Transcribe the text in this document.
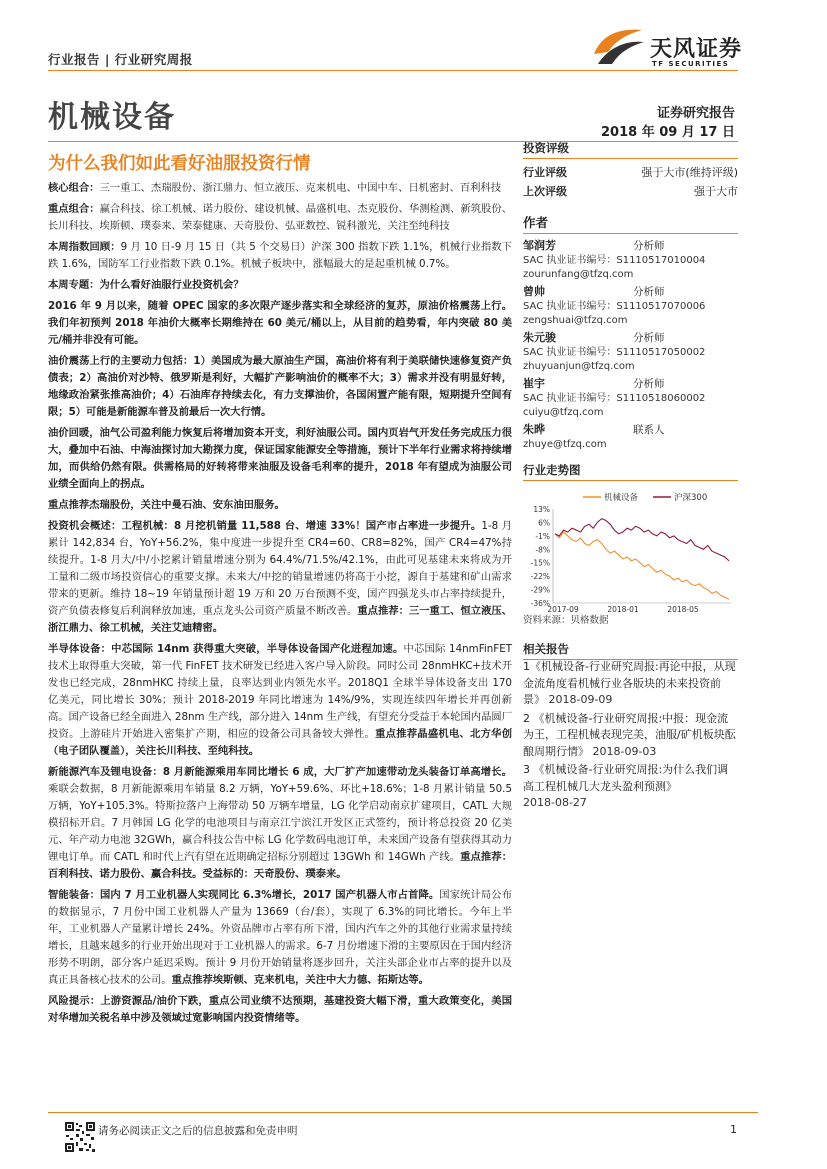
行业报告 | 行业研究周报	天风证券
TF SECURITIES
机械设备	证券研究报告
2018 年 09 月 17 日
为什么我们如此看好油服投资行情

核心组合：三一重工、杰瑞股份、浙江鼎力、恒立液压、克来机电、中国中车、日机密封、百利科技

重点组合：赢合科技、徐工机械、诺力股份、建设机械、晶盛机电、杰克股份、华测检测、新筑股份、长川科技、埃斯顿、璞泰来、荣泰健康、天奇股份、弘亚数控、锐科激光，关注至纯科技

本周指数回顾：9 月 10 日-9 月 15 日（共 5 个交易日）沪深 300 指数下跌 1.1%，机械行业指数下跌 1.6%，国防军工行业指数下跌 0.1%。机械子板块中，涨幅最大的是起重机械 0.7%。

本周专题：为什么看好油服行业投资机会？

2016 年 9 月以来，随着 OPEC 国家的多次限产逐步落实和全球经济的复苏，原油价格震荡上行。我们年初预判 2018 年油价大概率长期维持在 60 美元/桶以上，从目前的趋势看，年内突破 80 美元/桶并非没有可能。

油价震荡上行的主要动力包括：1）美国成为最大原油生产国，高油价将有利于美联储快速修复资产负债表；2）高油价对沙特、俄罗斯是利好，大幅扩产影响油价的概率不大；3）需求并没有明显好转，地缘政治紧张推高油价；4）石油库存持续去化，有力支撑油价，各国闲置产能有限，短期提升空间有限；5）可能是新能源车普及前最后一次大行情。

油价回暖，油气公司盈利能力恢复后将增加资本开支，利好油服公司。国内页岩气开发任务完成压力很大，叠加中石油、中海油探讨加大勘探力度，保证国家能源安全等措施，预计下半年行业需求将持续增加，而供给仍然有限。供需格局的好转将带来油服及设备毛利率的提升，2018 年有望成为油服公司业绩全面向上的拐点。

重点推荐杰瑞股份，关注中曼石油、安东油田服务。

投资机会概述：工程机械：8 月挖机销量 11,588 台、增速 33%！国产市占率进一步提升。1-8 月累计 142,834 台，YoY+56.2%，集中度进一步提升至 CR4=60、CR8=82%，国产 CR4=47%持续提升。1-8 月大/中/小挖累计销量增速分别为 64.4%/71.5%/42.1%，由此可见基建未来将成为开工量和二级市场投资信心的重要支撑。未来大/中挖的销量增速仍将高于小挖，源自于基建和矿山需求带来的更新。维持 18~19 年销量预计超 19 万和 20 万台预测不变，国产四强龙头市占率持续提升，资产负债表修复后利润释放加速，重点龙头公司资产质量不断改善。重点推荐：三一重工、恒立液压、浙江鼎力、徐工机械，关注艾迪精密。

半导体设备：中芯国际 14nm 获得重大突破，半导体设备国产化进程加速。中芯国际 14nmFinFET 技术上取得重大突破，第一代 FinFET 技术研发已经进入客户导入阶段。同时公司 28nmHKC+技术开发也已经完成，28nmHKC 持续上量，良率达到业内领先水平。2018Q1 全球半导体设备支出 170 亿美元，同比增长 30%；预计 2018-2019 年同比增速为 14%/9%，实现连续四年增长并再创新高。国产设备已经全面进入 28nm 生产线，部分进入 14nm 生产线，有望充分受益于本轮国内晶圆厂投资。上游硅片开始进入密集扩产期，相应的设备公司具备较大弹性。重点推荐晶盛机电、北方华创（电子团队覆盖），关注长川科技、至纯科技。

新能源汽车及锂电设备：8 月新能源乘用车同比增长 6 成，大厂扩产加速带动龙头装备订单高增长。乘联会数据，8 月新能源乘用车销量 8.2 万辆，YoY+59.6%、环比+18.6%；1-8 月累计销量 50.5 万辆，YoY+105.3%。特斯拉落户上海带动 50 万辆车增量，LG 化学启动南京扩建项目，CATL 大规模招标开启。7 月韩国 LG 化学的电池项目与南京江宁滨江开发区正式签约，预计将总投资 20 亿美元、年产动力电池 32GWh，赢合科技公告中标 LG 化学数码电池订单，未来国产设备有望获得其动力锂电订单。而 CATL 和时代上汽有望在近期确定招标分别超过 13GWh 和 14GWh 产线。重点推荐：百利科技、诺力股份、赢合科技。受益标的：天奇股份、璞泰来。

智能装备：国内 7 月工业机器人实现同比 6.3%增长，2017 国产机器人市占首降。国家统计局公布的数据显示，7 月份中国工业机器人产量为 13669（台/套），实现了 6.3%的同比增长。今年上半年，工业机器人产量累计增长 24%。外资品牌市占率有所下滑，国内汽车之外的其他行业需求量持续增长，且越来越多的行业开始出现对于工业机器人的需求。6-7 月份增速下滑的主要原因在于国内经济形势不明朗，部分客户延迟采购。预计 9 月份开始销量将逐步回升，关注头部企业市占率的提升以及真正具备核心技术的公司。重点推荐埃斯顿、克来机电，关注中大力德、拓斯达等。

风险提示：上游资源品/油价下跌，重点公司业绩不达预期，基建投资大幅下滑，重大政策变化，美国对华增加关税名单中涉及领域过宽影响国内投资情绪等。

投资评级
行业评级	强于大市(维持评级)
上次评级	强于大市
作者
邹润芳	分析师
SAC 执业证书编号：S1110517010004
zourunfang@tfzq.com
曾帅	分析师
SAC 执业证书编号：S1110517070006
zengshuai@tfzq.com
朱元骏	分析师
SAC 执业证书编号：S1110517050002
zhuyuanjun@tfzq.com
崔宇	分析师
SAC 执业证书编号：S1110518060002
cuiyu@tfzq.com
朱晔	联系人
zhuye@tfzq.com
行业走势图
13%
6%
-1%
-8%
-15%
-22%
-29%
-36%
2017-09	2018-01	2018-05
机械设备	沪深300
资料来源：贝格数据
相关报告
1《机械设备-行业研究周报:再论中报，从现金流角度看机械行业各版块的未来投资前景》 2018-09-09
2 《机械设备-行业研究周报:中报：现金流为王，工程机械表现完美，油服/矿机板块酝酿周期行情》 2018-09-03
3 《机械设备-行业研究周报:为什么我们调高工程机械几大龙头盈利预测》
2018-08-27
请务必阅读正文之后的信息披露和免责申明	1
